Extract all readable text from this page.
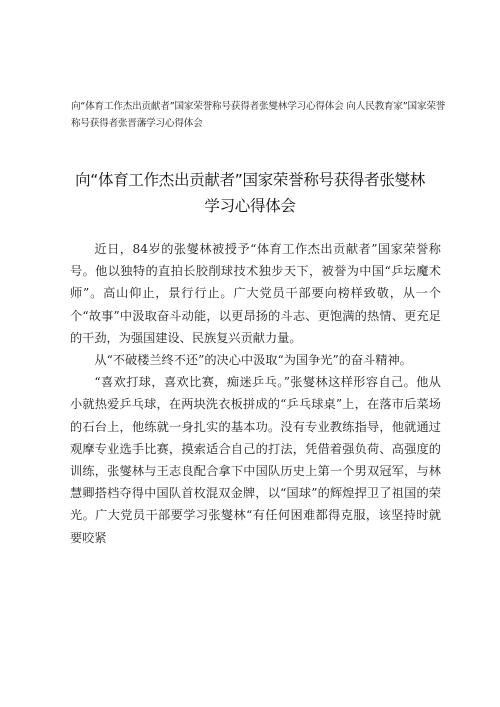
向“体育工作杰出贡献者”国家荣誉称号获得者张燮林学习心得体会 向人民教育家”国家荣誉称号获得者张晋藩学习心得体会
向“体育工作杰出贡献者”国家荣誉称号获得者张燮林
学习心得体会

近日，84岁的张燮林被授予“体育工作杰出贡献者”国家荣誉称号。他以独特的直拍长胶削球技术独步天下，被誉为中国“乒坛魔术师”。高山仰止，景行行止。广大党员干部要向榜样致敬，从一个个“故事”中汲取奋斗动能，以更昂扬的斗志、更饱满的热情、更充足的干劲，为强国建设、民族复兴贡献力量。

从“不破楼兰终不还”的决心中汲取“为国争光”的奋斗精神。

“喜欢打球，喜欢比赛，痴迷乒乓。”张燮林这样形容自己。他从小就热爱乒乓球，在两块洗衣板拼成的“乒乓球桌”上，在落市后菜场的石台上，他练就一身扎实的基本功。没有专业教练指导，他就通过观摩专业选手比赛，摸索适合自己的打法，凭借着强负荷、高强度的训练，张燮林与王志良配合拿下中国队历史上第一个男双冠军，与林慧卿搭档夺得中国队首枚混双金牌，以“国球”的辉煌捍卫了祖国的荣光。广大党员干部要学习张燮林“有任何困难都得克服，该坚持时就要咬紧
